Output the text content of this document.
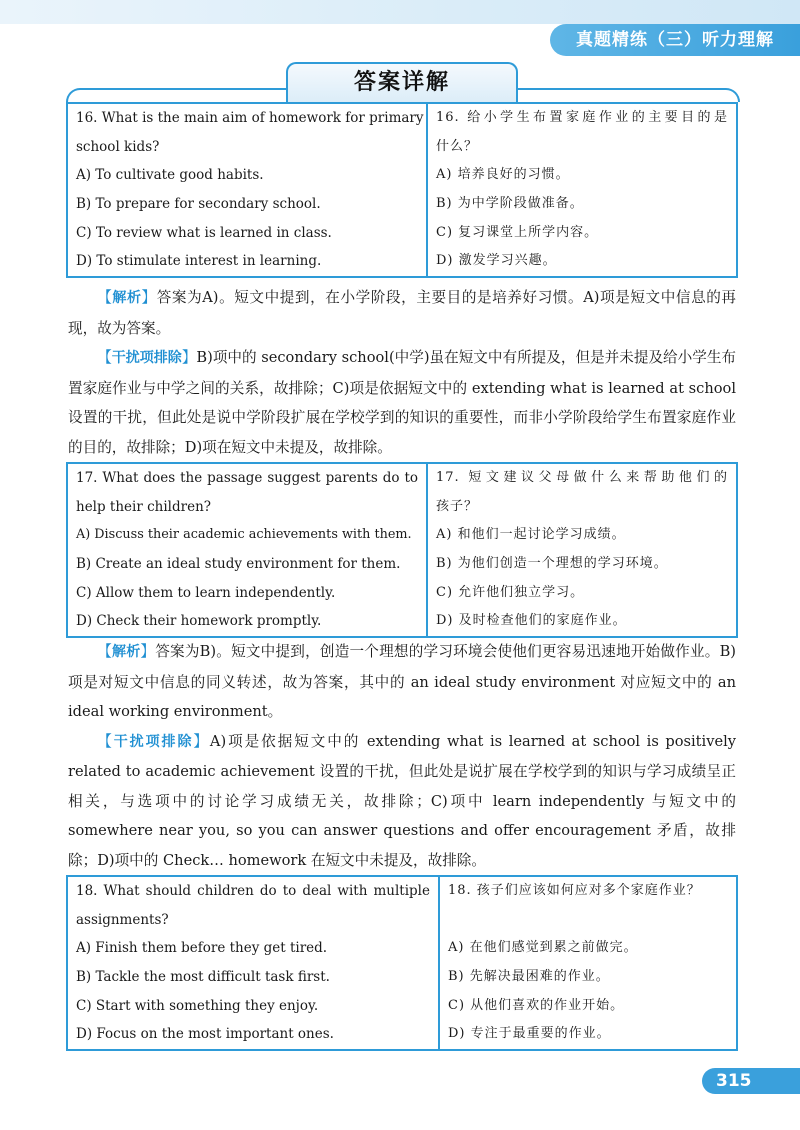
真题精练（三）听力理解
答案详解
16. What is the main aim of homework for primary
school kids?
A) To cultivate good habits.
B) To prepare for secondary school.
C) To review what is learned in class.
D) To stimulate interest in learning.
16. 给小学生布置家庭作业的主要目的是
什么？
A) 培养良好的习惯。
B) 为中学阶段做准备。
C) 复习课堂上所学内容。
D) 激发学习兴趣。

【解析】答案为A)。短文中提到，在小学阶段，主要目的是培养好习惯。A)项是短文中信息的再现，故为答案。

【干扰项排除】B)项中的 secondary school(中学)虽在短文中有所提及，但是并未提及给小学生布置家庭作业与中学之间的关系，故排除；C)项是依据短文中的 extending what is learned at school 设置的干扰，但此处是说中学阶段扩展在学校学到的知识的重要性，而非小学阶段给学生布置家庭作业的目的，故排除；D)项在短文中未提及，故排除。

17. What does the passage suggest parents do to
help their children?
A) Discuss their academic achievements with them.
B) Create an ideal study environment for them.
C) Allow them to learn independently.
D) Check their homework promptly.
17. 短文建议父母做什么来帮助他们的
孩子？
A) 和他们一起讨论学习成绩。
B) 为他们创造一个理想的学习环境。
C) 允许他们独立学习。
D) 及时检查他们的家庭作业。

【解析】答案为B)。短文中提到，创造一个理想的学习环境会使他们更容易迅速地开始做作业。B)项是对短文中信息的同义转述，故为答案，其中的 an ideal study environment 对应短文中的 an ideal working environment。

【干扰项排除】A)项是依据短文中的 extending what is learned at school is positively related to academic achievement 设置的干扰，但此处是说扩展在学校学到的知识与学习成绩呈正相关，与选项中的讨论学习成绩无关，故排除；C)项中 learn independently 与短文中的 somewhere near you, so you can answer questions and offer encouragement 矛盾，故排除；D)项中的 Check… homework 在短文中未提及，故排除。

18. What should children do to deal with multiple
assignments?
A) Finish them before they get tired.
B) Tackle the most difficult task first.
C) Start with something they enjoy.
D) Focus on the most important ones.
18. 孩子们应该如何应对多个家庭作业？
A) 在他们感觉到累之前做完。
B) 先解决最困难的作业。
C) 从他们喜欢的作业开始。
D) 专注于最重要的作业。
315
